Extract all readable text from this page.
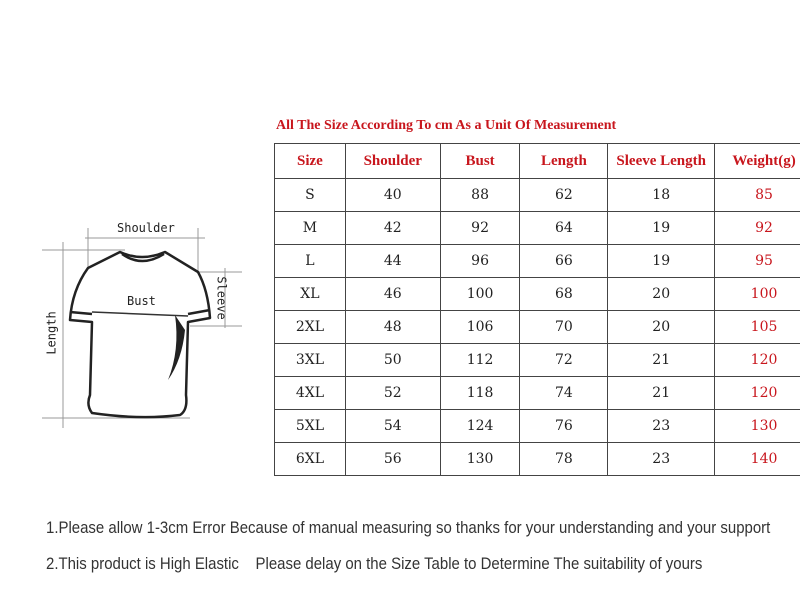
All The Size According To cm As a Unit Of Measurement
Shoulder
Bust	Sleeve
Length
Size	Shoulder	Bust	Length	Sleeve Length	Weight(g)
S	40	88	62	18	85
M	42	92	64	19	92
L	44	96	66	19	95
XL	46	100	68	20	100
2XL	48	106	70	20	105
3XL	50	112	72	21	120
4XL	52	118	74	21	120
5XL	54	124	76	23	130
6XL	56	130	78	23	140
1.Please allow 1-3cm Error Because of manual measuring so thanks for your understanding and your support
2.This product is High Elastic    Please delay on the Size Table to Determine The suitability of yours
